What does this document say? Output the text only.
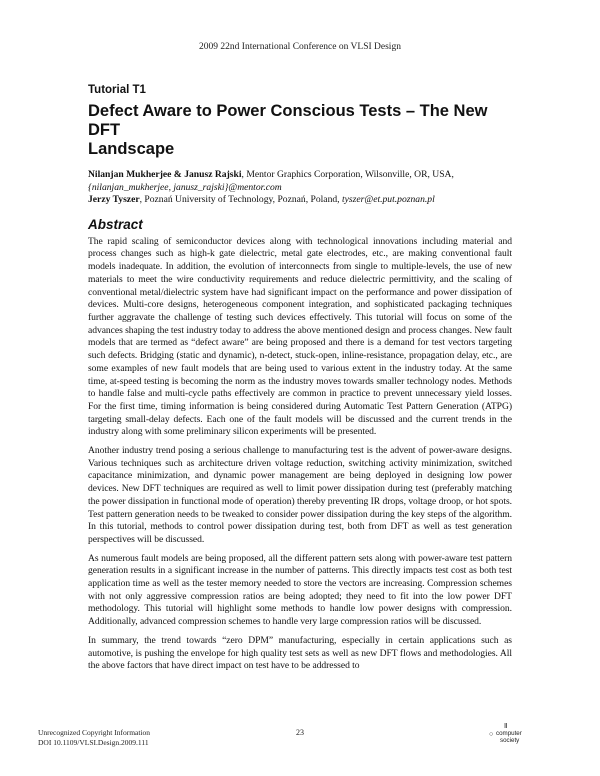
2009 22nd International Conference on VLSI Design
Tutorial T1
Defect Aware to Power Conscious Tests – The New DFT
Landscape
Nilanjan Mukherjee & Janusz Rajski, Mentor Graphics Corporation, Wilsonville, OR, USA,
{nilanjan_mukherjee, janusz_rajski}@mentor.com
Jerzy Tyszer, Poznań University of Technology, Poznań, Poland, tyszer@et.put.poznan.pl
Abstract

The rapid scaling of semiconductor devices along with technological innovations including material and process changes such as high-k gate dielectric, metal gate electrodes, etc., are making conventional fault models inadequate. In addition, the evolution of interconnects from single to multiple-levels, the use of new materials to meet the wire conductivity requirements and reduce dielectric permittivity, and the scaling of conventional metal/dielectric system have had significant impact on the performance and power dissipation of devices. Multi-core designs, heterogeneous component integration, and sophisticated packaging techniques further aggravate the challenge of testing such devices effectively. This tutorial will focus on some of the advances shaping the test industry today to address the above mentioned design and process changes. New fault models that are termed as “defect aware” are being proposed and there is a demand for test vectors targeting such defects. Bridging (static and dynamic), n-detect, stuck-open, inline-resistance, propagation delay, etc., are some examples of new fault models that are being used to various extent in the industry today. At the same time, at-speed testing is becoming the norm as the industry moves towards smaller technology nodes. Methods to handle false and multi-cycle paths effectively are common in practice to prevent unnecessary yield losses. For the first time, timing information is being considered during Automatic Test Pattern Generation (ATPG) targeting small-delay defects. Each one of the fault models will be discussed and the current trends in the industry along with some preliminary silicon experiments will be presented.

Another industry trend posing a serious challenge to manufacturing test is the advent of power-aware designs. Various techniques such as architecture driven voltage reduction, switching activity minimization, switched capacitance minimization, and dynamic power management are being deployed in designing low power devices. New DFT techniques are required as well to limit power dissipation during test (preferably matching the power dissipation in functional mode of operation) thereby preventing IR drops, voltage droop, or hot spots. Test pattern generation needs to be tweaked to consider power dissipation during the key steps of the algorithm. In this tutorial, methods to control power dissipation during test, both from DFT as well as test generation perspectives will be discussed.

As numerous fault models are being proposed, all the different pattern sets along with power-aware test pattern generation results in a significant increase in the number of patterns. This directly impacts test cost as both test application time as well as the tester memory needed to store the vectors are increasing. Compression schemes with not only aggressive compression ratios are being adopted; they need to fit into the low power DFT methodology. This tutorial will highlight some methods to handle low power designs with compression. Additionally, advanced compression schemes to handle very large compression ratios will be discussed.

In summary, the trend towards “zero DPM” manufacturing, especially in certain applications such as automotive, is pushing the envelope for high quality test sets as well as new DFT flows and methodologies. All the above factors that have direct impact on test have to be addressed to

Unrecognized Copyright Information
DOI 10.1109/VLSI.Design.2009.111
23
Ⅱ
○ computer
society
